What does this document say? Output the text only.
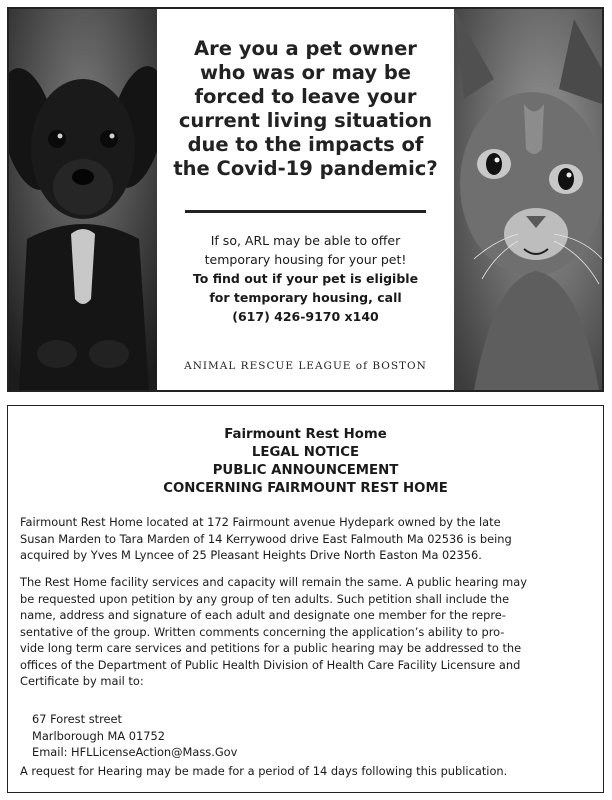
Are you a pet owner
who was or may be
forced to leave your
current living situation
due to the impacts of
the Covid-19 pandemic?
If so, ARL may be able to offer
temporary housing for your pet!
To find out if your pet is eligible
for temporary housing, call
(617) 426-9170 x140
ANIMAL RESCUE LEAGUE of BOSTON
Fairmount Rest Home
LEGAL NOTICE
PUBLIC ANNOUNCEMENT
CONCERNING FAIRMOUNT REST HOME
Fairmount Rest Home located at 172 Fairmount avenue Hydepark owned by the late
Susan Marden to Tara Marden of 14 Kerrywood drive East Falmouth Ma 02536 is being
acquired by Yves M Lyncee of 25 Pleasant Heights Drive North Easton Ma 02356.
The Rest Home facility services and capacity will remain the same. A public hearing may
be requested upon petition by any group of ten adults. Such petition shall include the
name, address and signature of each adult and designate one member for the repre-
sentative of the group. Written comments concerning the application’s ability to pro-
vide long term care services and petitions for a public hearing may be addressed to the
offices of the Department of Public Health Division of Health Care Facility Licensure and
Certificate by mail to:
67 Forest street
Marlborough MA 01752
Email: HFLLicenseAction@Mass.Gov
A request for Hearing may be made for a period of 14 days following this publication.
